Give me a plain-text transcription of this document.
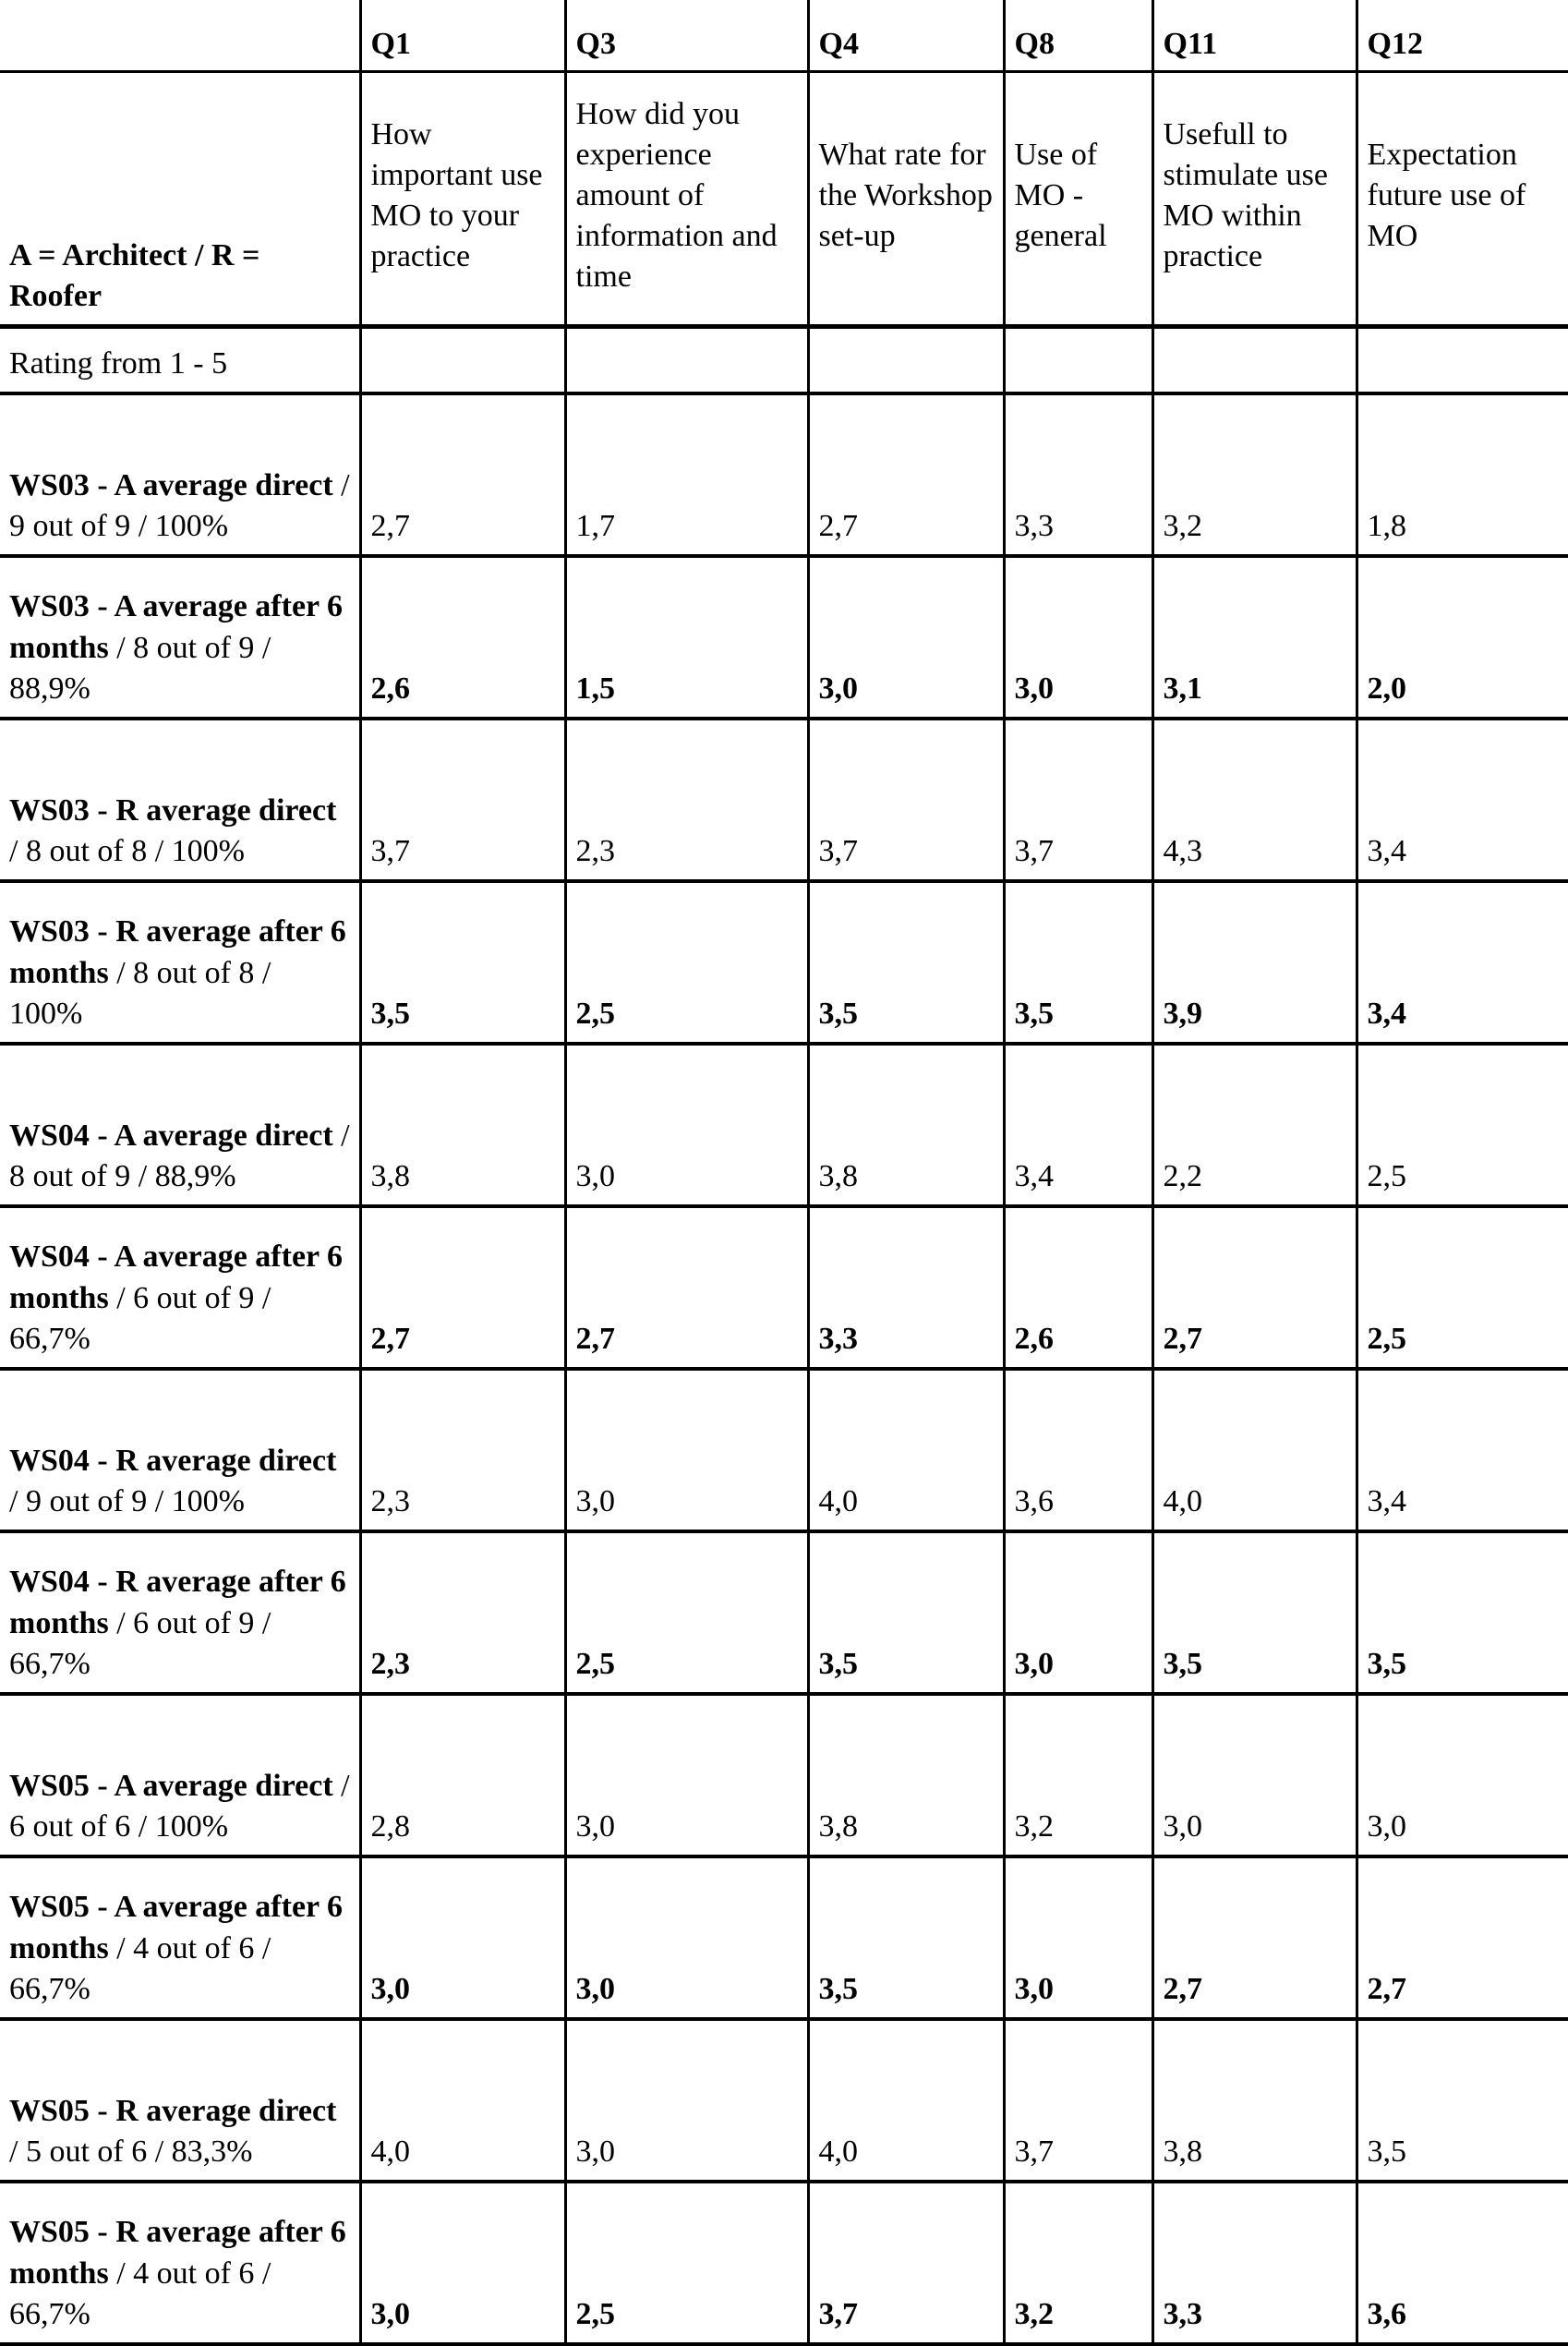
	Q1	Q3	Q4	Q8	Q11	Q12
A = Architect / R = Roofer	How important use MO to your practice	How did you experience amount of information and time	What rate for the Workshop set-up	Use of MO - general	Usefull to stimulate use MO within practice	Expectation future use of MO
Rating from 1 - 5						
WS03 - A average direct / 9 out of 9 / 100%	2,7	1,7	2,7	3,3	3,2	1,8
WS03 - A average after 6 months / 8 out of 9 / 88,9%	2,6	1,5	3,0	3,0	3,1	2,0
WS03 - R average direct / 8 out of 8 / 100%	3,7	2,3	3,7	3,7	4,3	3,4
WS03 - R average after 6 months / 8 out of 8 / 100%	3,5	2,5	3,5	3,5	3,9	3,4
WS04 - A average direct / 8 out of 9 / 88,9%	3,8	3,0	3,8	3,4	2,2	2,5
WS04 - A average after 6 months / 6 out of 9 / 66,7%	2,7	2,7	3,3	2,6	2,7	2,5
WS04 - R average direct / 9 out of 9 / 100%	2,3	3,0	4,0	3,6	4,0	3,4
WS04 - R average after 6 months / 6 out of 9 / 66,7%	2,3	2,5	3,5	3,0	3,5	3,5
WS05 - A average direct / 6 out of 6 / 100%	2,8	3,0	3,8	3,2	3,0	3,0
WS05 - A average after 6 months / 4 out of 6 / 66,7%	3,0	3,0	3,5	3,0	2,7	2,7
WS05 - R average direct / 5 out of 6 / 83,3%	4,0	3,0	4,0	3,7	3,8	3,5
WS05 - R average after 6 months / 4 out of 6 / 66,7%	3,0	2,5	3,7	3,2	3,3	3,6
